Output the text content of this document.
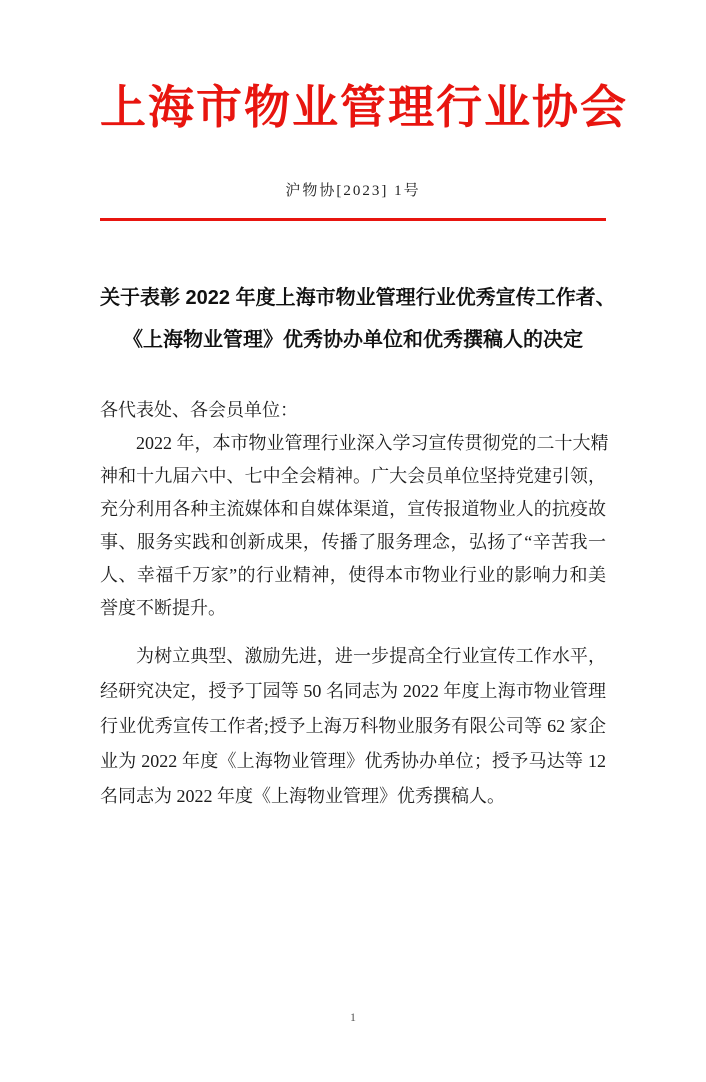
上海市物业管理行业协会
沪物协[2023] 1号
关于表彰 2022 年度上海市物业管理行业优秀宣传工作者、
《上海物业管理》优秀协办单位和优秀撰稿人的决定
各代表处、各会员单位：
2022 年，本市物业管理行业深入学习宣传贯彻党的二十大精
神和十九届六中、七中全会精神。广大会员单位坚持党建引领，
充分利用各种主流媒体和自媒体渠道，宣传报道物业人的抗疫故
事、服务实践和创新成果，传播了服务理念，弘扬了“辛苦我一
人、幸福千万家”的行业精神，使得本市物业行业的影响力和美
誉度不断提升。
为树立典型、激励先进，进一步提高全行业宣传工作水平，
经研究决定，授予丁园等 50 名同志为 2022 年度上海市物业管理
行业优秀宣传工作者;授予上海万科物业服务有限公司等 62 家企
业为 2022 年度《上海物业管理》优秀协办单位；授予马达等 12
名同志为 2022 年度《上海物业管理》优秀撰稿人。
1
